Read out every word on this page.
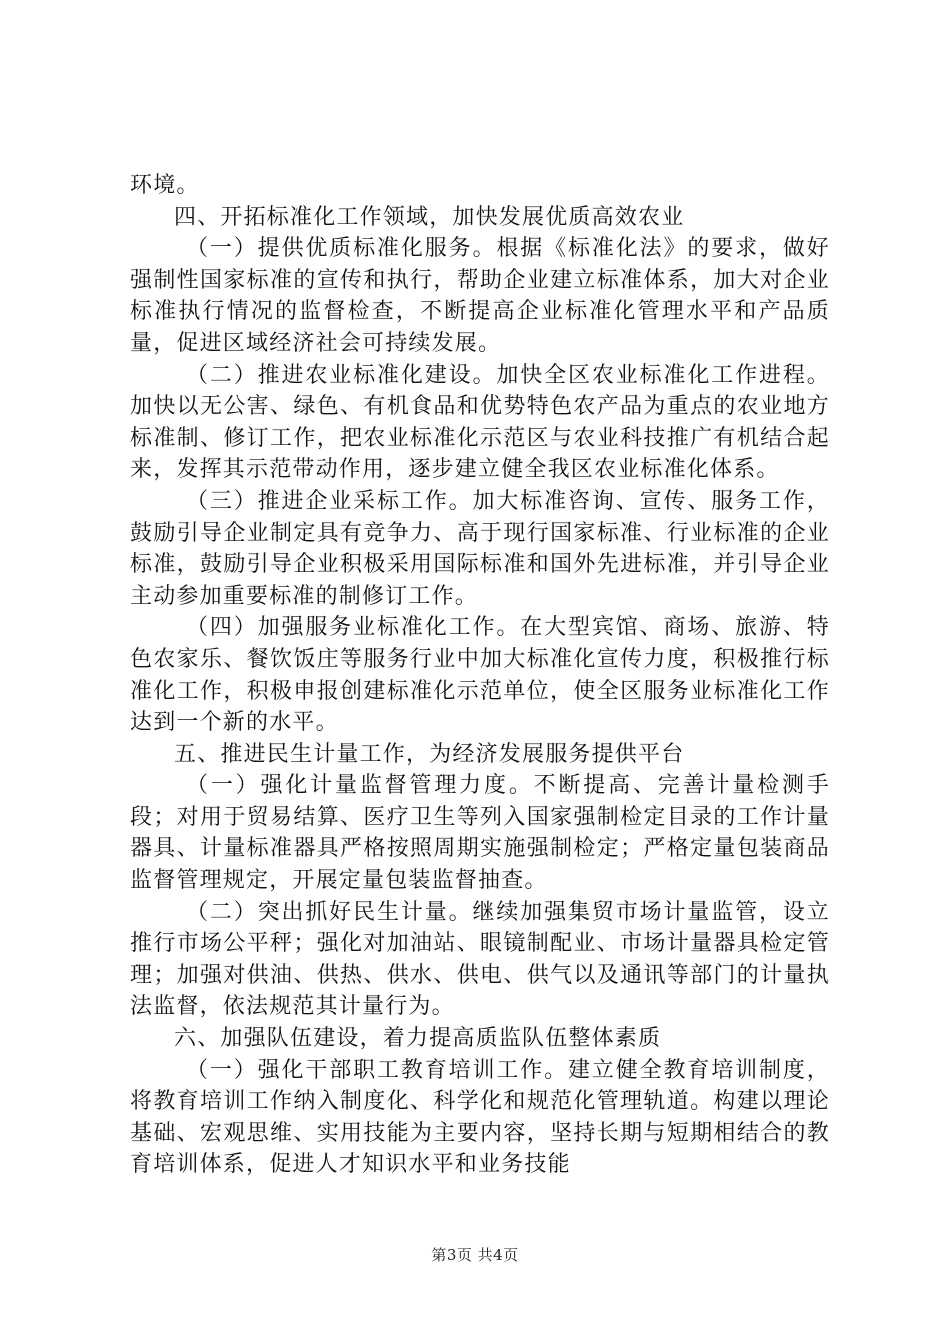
环境。

四、开拓标准化工作领域，加快发展优质高效农业

（一）提供优质标准化服务。根据《标准化法》的要求，做好强制性国家标准的宣传和执行，帮助企业建立标准体系，加大对企业标准执行情况的监督检查，不断提高企业标准化管理水平和产品质量，促进区域经济社会可持续发展。

（二）推进农业标准化建设。加快全区农业标准化工作进程。加快以无公害、绿色、有机食品和优势特色农产品为重点的农业地方标准制、修订工作，把农业标准化示范区与农业科技推广有机结合起来，发挥其示范带动作用，逐步建立健全我区农业标准化体系。

（三）推进企业采标工作。加大标准咨询、宣传、服务工作，鼓励引导企业制定具有竞争力、高于现行国家标准、行业标准的企业标准，鼓励引导企业积极采用国际标准和国外先进标准，并引导企业主动参加重要标准的制修订工作。

（四）加强服务业标准化工作。在大型宾馆、商场、旅游、特色农家乐、餐饮饭庄等服务行业中加大标准化宣传力度，积极推行标准化工作，积极申报创建标准化示范单位，使全区服务业标准化工作达到一个新的水平。

五、推进民生计量工作，为经济发展服务提供平台

（一）强化计量监督管理力度。不断提高、完善计量检测手段；对用于贸易结算、医疗卫生等列入国家强制检定目录的工作计量器具、计量标准器具严格按照周期实施强制检定；严格定量包装商品监督管理规定，开展定量包装监督抽查。

（二）突出抓好民生计量。继续加强集贸市场计量监管，设立推行市场公平秤；强化对加油站、眼镜制配业、市场计量器具检定管理；加强对供油、供热、供水、供电、供气以及通讯等部门的计量执法监督，依法规范其计量行为。

六、加强队伍建设，着力提高质监队伍整体素质

（一）强化干部职工教育培训工作。建立健全教育培训制度，将教育培训工作纳入制度化、科学化和规范化管理轨道。构建以理论基础、宏观思维、实用技能为主要内容，坚持长期与短期相结合的教育培训体系，促进人才知识水平和业务技能

第3页 共4页
